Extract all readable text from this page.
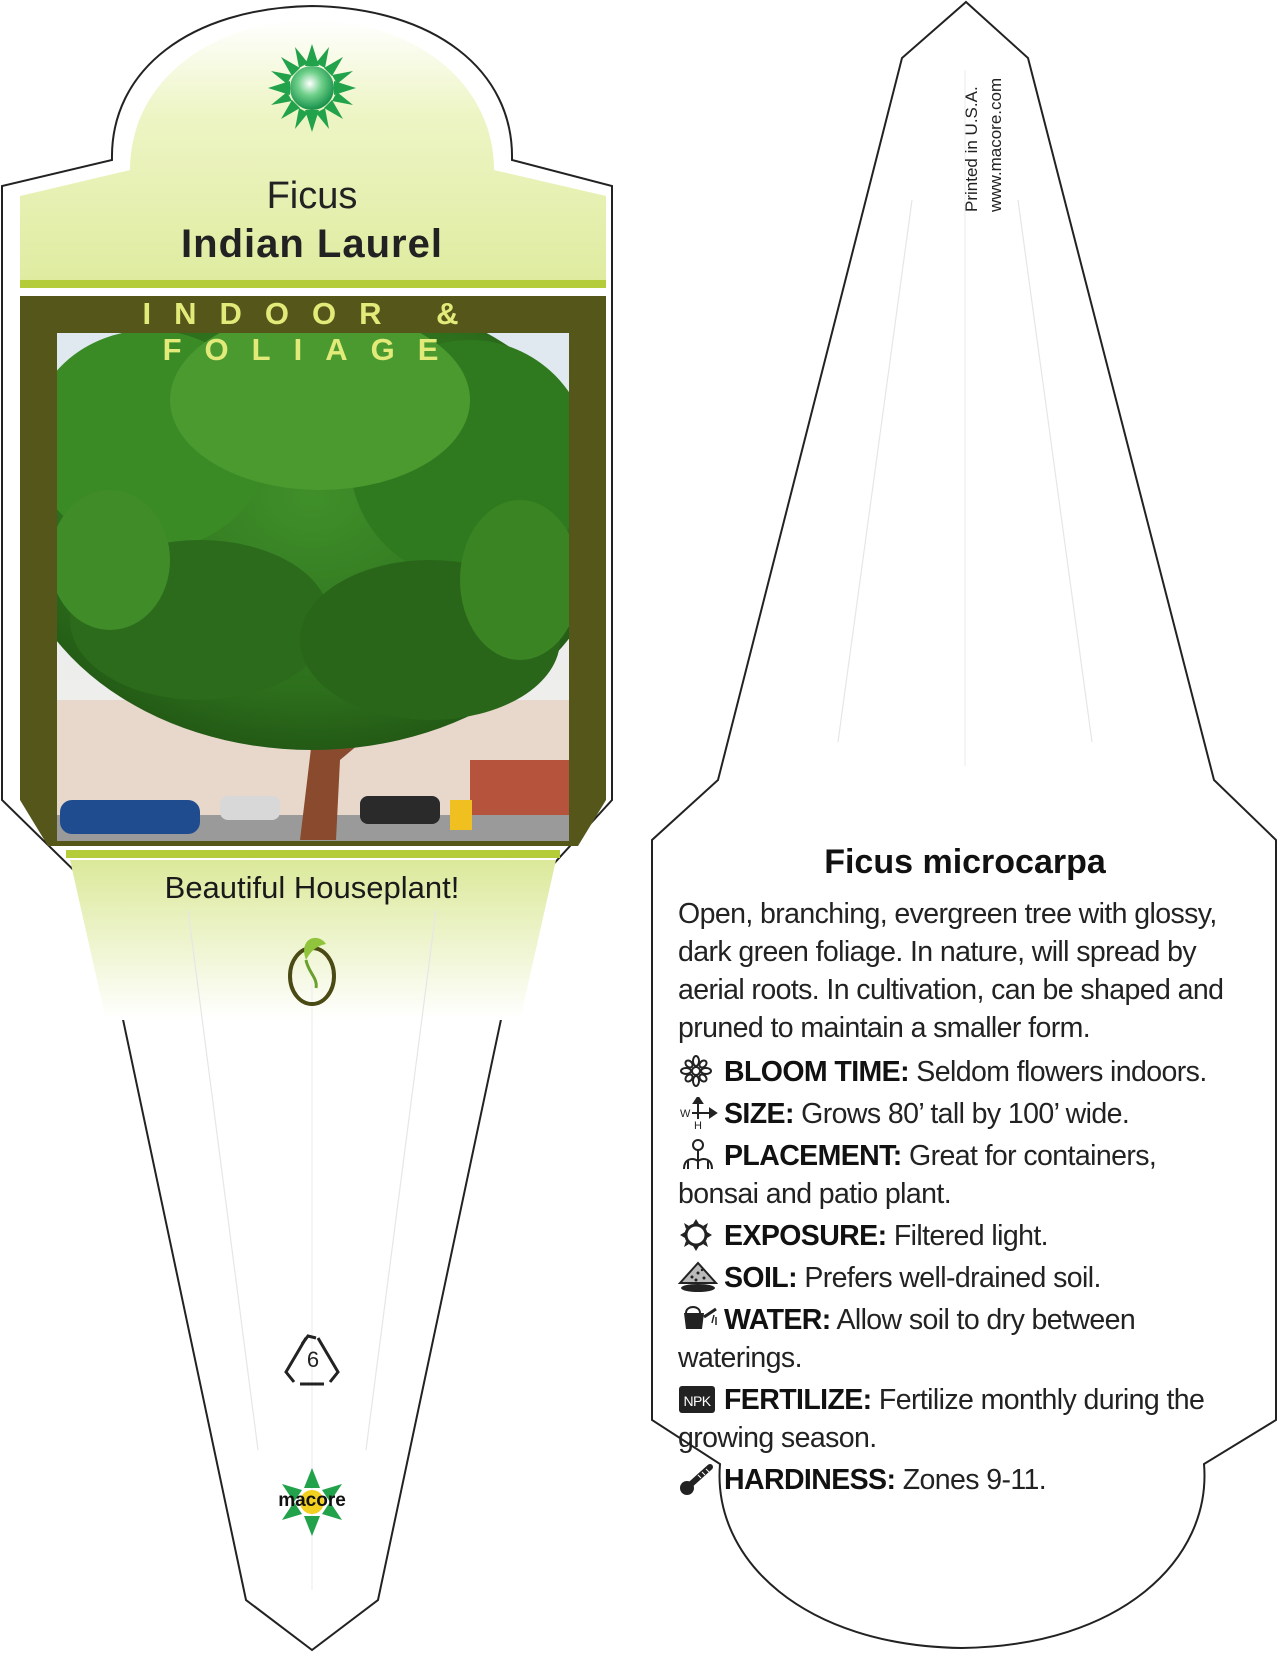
Ficus
Indian Laurel
INDOOR & FOLIAGE
Beautiful Houseplant!
6
macore
Printed in U.S.A. www.macore.com
Ficus microcarpa
Open, branching, evergreen tree with glossy, dark green foliage. In nature, will spread by aerial roots. In cultivation, can be shaped and pruned to maintain a smaller form.
BLOOM TIME: Seldom flowers indoors.
W
H SIZE: Grows 80’ tall by 100’ wide.
PLACEMENT: Great for containers, bonsai and patio plant.
EXPOSURE: Filtered light.
SOIL: Prefers well-drained soil.
WATER: Allow soil to dry between waterings.
NPK FERTILIZE: Fertilize monthly during the growing season.
HARDINESS: Zones 9-11.
